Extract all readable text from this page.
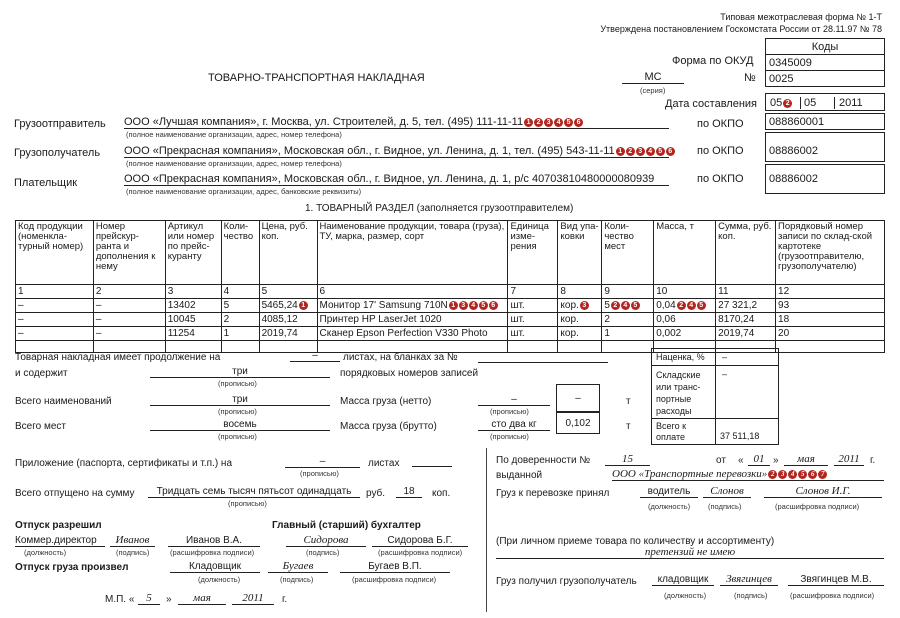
Типовая межотраслевая форма № 1-Т
Утверждена постановлением Госкомстата России от 28.11.97 № 78
Коды
0345009
0025
Форма по ОКУД
№
ТОВАРНО-ТРАНСПОРТНАЯ НАКЛАДНАЯ	МС
(серия)
Дата составления 05 2	05	2011
Грузоотправитель ООО «Лучшая компания», г. Москва, ул. Строителей, д. 5, тел. (495) 111-11-11 1 2 3 4 5 6
(полное наименование организации, адрес, номер телефона)
по ОКПО	088860001
Грузополучатель ООО «Прекрасная компания», Московская обл., г. Видное, ул. Ленина, д. 1, тел. (495) 543-11-11 1 2 3 4 5 6
(полное наименование организации, адрес, номер телефона)
по ОКПО	08886002
Плательщик	ООО «Прекрасная компания», Московская обл., г. Видное, ул. Ленина, д. 1, р/с 40703810480000080939
(полное наименование организации, адрес, банковские реквизиты)
по ОКПО	08886002
1. ТОВАРНЫЙ РАЗДЕЛ (заполняется грузоотправителем)
Код продукции (номенкла-турный номер)	Номер прейскур-ранта и дополнения к нему	Артикул или номер по прейс-куранту	Коли-чество	Цена, руб. коп.	Наименование продукции, товара (груза), ТУ, марка, размер, сорт	Единица изме-рения	Вид упа-ковки	Коли-чество мест	Масса, т	Сумма, руб. коп.	Порядковый номер записи по склад-ской картотеке (грузоотправителю, грузополучателю)
1	2	3	4	5	6	7	8	9	10	11	12
–	–	13402	5	5465,24 1	Монитор 17' Samsung 710N 1 3 4 5 6	шт.	кор. 3	5 2 4 5	0,04 2 4 5	27 321,2	93
–	–	10045	2	4085,12	Принтер HP LaserJet 1020	шт.	кор.	2	0,06	8170,24	18
–	–	11254	1	2019,74	Сканер Epson Perfection V330 Photo	шт.	кор.	1	0,002	2019,74	20

Товарная накладная имеет продолжение на	–	листах, на бланках за №
и содержит	три
(прописью)
порядковых номеров записей
Всего наименований	три
(прописью)
Масса груза (нетто)	–
(прописью)
–	т
Всего мест	восемь
(прописью)
Масса груза (брутто)	сто два кг
(прописью)
0,102	т
Наценка, % –
Складские или транс-портные расходы
–
Всего к оплате	37 511,18
Приложение (паспорта, сертификаты и т.п.) на	–
(прописью)
листах
Всего отпущено на сумму	Тридцать семь тысяч пятьсот одинадцать
(прописью)
руб.	18	коп.
Отпуск разрешил	Главный (старший) бухгалтер
Коммер.директор
(должность)
Иванов
(подпись)
Иванов В.А.
(расшифровка подписи)
Сидорова
(подпись)
Сидорова Б.Г.
(расшифровка подписи)
Отпуск груза произвел	Кладовщик
(должность)
Бугаев
(подпись)
Бугаев В.П.
(расшифровка подписи)
М.П. «	5	»	мая	2011	г.
По доверенности №	15	от « 01 »	мая	2011	г.
выданной	ООО «Транспортные перевозки» 2 3 4 5 6 7
Груз к перевозке принял	водитель
(должность)
Слонов
(подпись)
Слонов И.Г.
(расшифровка подписи)
(При личном приеме товара по количеству и ассортименту)
претензий не имею
Груз получил грузополучатель	кладовщик
(должность)
Звягинцев
(подпись)
Звягинцев М.В.
(расшифровка подписи)
